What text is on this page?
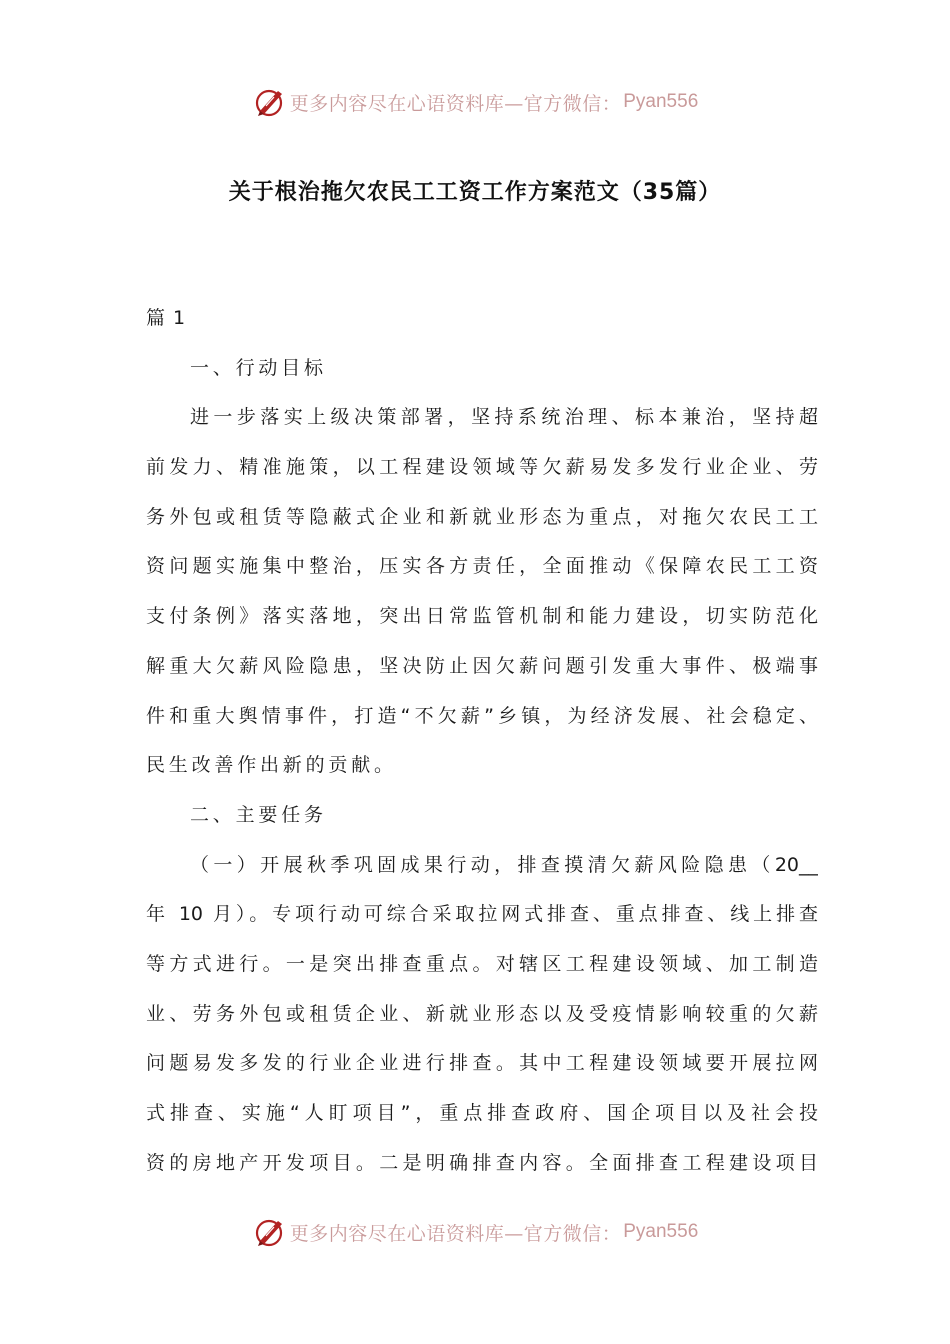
更多内容尽在心语资料库—官方微信： Pyan556
关于根治拖欠农民工工资工作方案范文（35篇）
篇 1
一、行动目标
进一步落实上级决策部署，坚持系统治理、标本兼治，坚持超
前发力、精准施策，以工程建设领域等欠薪易发多发行业企业、劳
务外包或租赁等隐蔽式企业和新就业形态为重点，对拖欠农民工工
资问题实施集中整治，压实各方责任，全面推动《保障农民工工资
支付条例》落实落地，突出日常监管机制和能力建设，切实防范化
解重大欠薪风险隐患，坚决防止因欠薪问题引发重大事件、极端事
件和重大舆情事件，打造“不欠薪”乡镇，为经济发展、社会稳定、
民生改善作出新的贡献。
二、主要任务
（一）开展秋季巩固成果行动，排查摸清欠薪风险隐患（20__
年 10 月）。专项行动可综合采取拉网式排查、重点排查、线上排查
等方式进行。一是突出排查重点。对辖区工程建设领域、加工制造
业、劳务外包或租赁企业、新就业形态以及受疫情影响较重的欠薪
问题易发多发的行业企业进行排查。其中工程建设领域要开展拉网
式排查、实施“人盯项目”，重点排查政府、国企项目以及社会投
资的房地产开发项目。二是明确排查内容。全面排查工程建设项目
更多内容尽在心语资料库—官方微信： Pyan556
